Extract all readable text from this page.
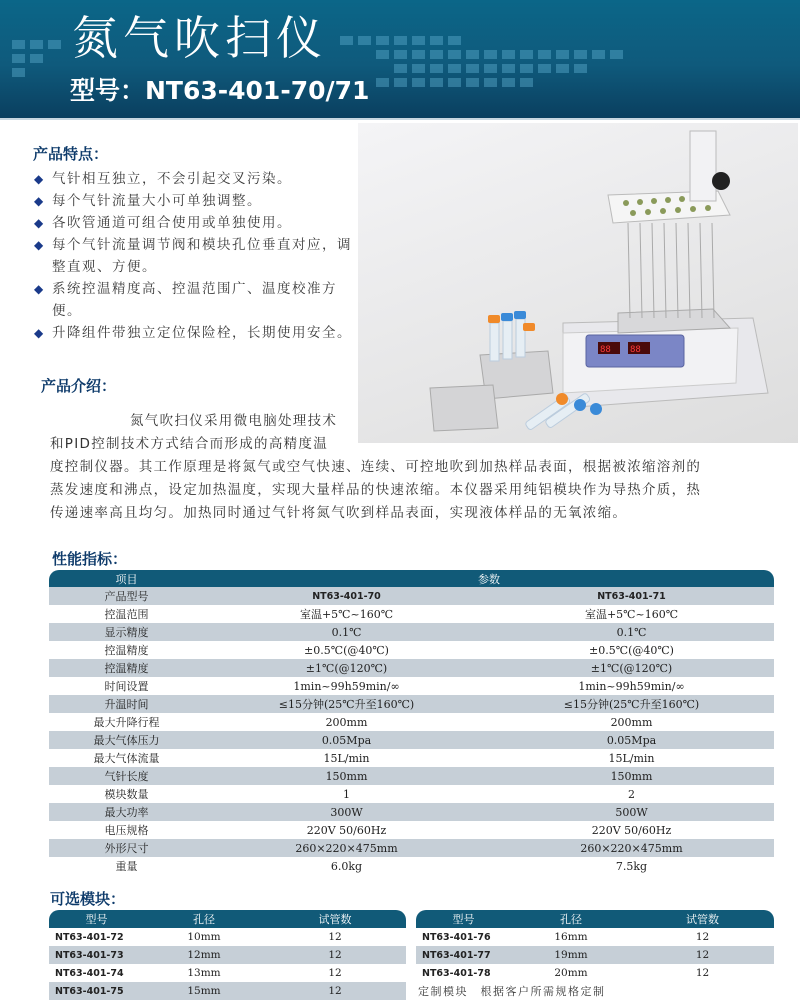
氮气吹扫仪
型号：NT63-401-70/71
产品特点：

◆ 气针相互独立，不会引起交叉污染。

◆ 每个气针流量大小可单独调整。

◆ 各吹管通道可组合使用或单独使用。

◆ 每个气针流量调节阀和模块孔位垂直对应，调整直观、方便。

◆ 系统控温精度高、控温范围广、温度校准方便。

◆ 升降组件带独立定位保险栓，长期使用安全。

88 88
产品介绍：

氮气吹扫仪采用微电脑处理技术

和PID控制技术方式结合而形成的高精度温

度控制仪器。其工作原理是将氮气或空气快速、连续、可控地吹到加热样品表面，根据被浓缩溶剂的

蒸发速度和沸点，设定加热温度，实现大量样品的快速浓缩。本仪器采用纯铝模块作为导热介质，热

传递速率高且均匀。加热同时通过气针将氮气吹到样品表面，实现液体样品的无氧浓缩。

性能指标：
项目	参数	
产品型号	NT63-401-70	NT63-401-71
控温范围	室温+5℃~160℃	室温+5℃~160℃
显示精度	0.1℃	0.1℃
控温精度	±0.5℃(@40℃)	±0.5℃(@40℃)
控温精度	±1℃(@120℃)	±1℃(@120℃)
时间设置	1min~99h59min/∞	1min~99h59min/∞
升温时间	≤15分钟(25℃升至160℃)	≤15分钟(25℃升至160℃)
最大升降行程	200mm	200mm
最大气体压力	0.05Mpa	0.05Mpa
最大气体流量	15L/min	15L/min
气针长度	150mm	150mm
模块数量	1	2
最大功率	300W	500W
电压规格	220V 50/60Hz	220V 50/60Hz
外形尺寸	260×220×475mm	260×220×475mm
重量	6.0kg	7.5kg
可选模块：
型号	孔径	试管数
NT63-401-72	10mm	12
NT63-401-73	12mm	12
NT63-401-74	13mm	12
NT63-401-75	15mm	12
型号	孔径	试管数
NT63-401-76	16mm	12
NT63-401-77	19mm	12
NT63-401-78	20mm	12
定制模块　根据客户所需规格定制
